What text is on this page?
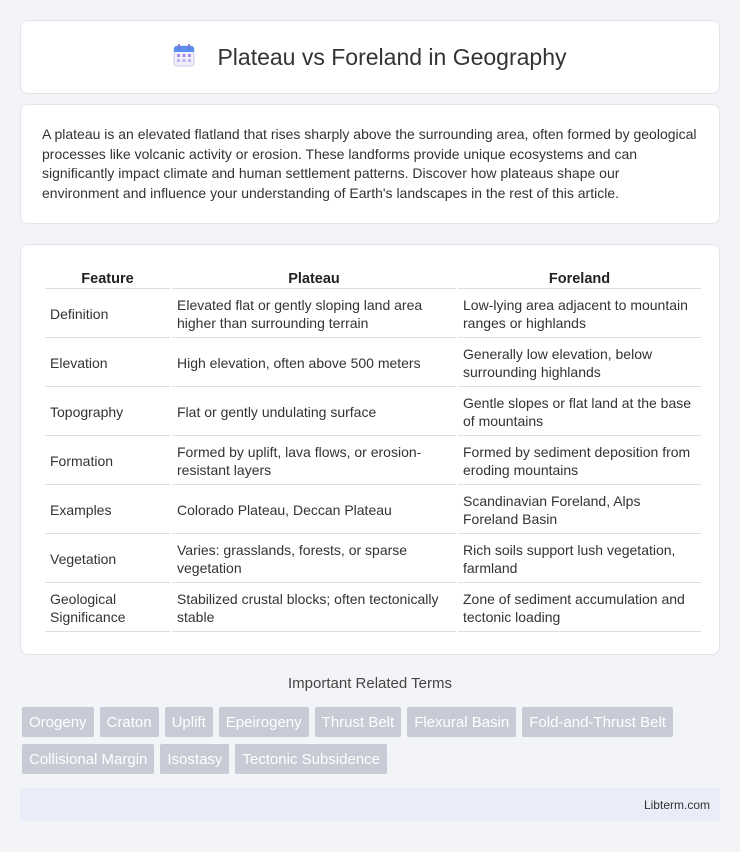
Plateau vs Foreland in Geography

A plateau is an elevated flatland that rises sharply above the surrounding area, often formed by geological processes like volcanic activity or erosion. These landforms provide unique ecosystems and can significantly impact climate and human settlement patterns. Discover how plateaus shape our environment and influence your understanding of Earth's landscapes in the rest of this article.

Feature	Plateau	Foreland
Definition	Elevated flat or gently sloping land area higher than surrounding terrain	Low-lying area adjacent to mountain ranges or highlands
Elevation	High elevation, often above 500 meters	Generally low elevation, below surrounding highlands
Topography	Flat or gently undulating surface	Gentle slopes or flat land at the base of mountains
Formation	Formed by uplift, lava flows, or erosion-resistant layers	Formed by sediment deposition from eroding mountains
Examples	Colorado Plateau, Deccan Plateau	Scandinavian Foreland, Alps Foreland Basin
Vegetation	Varies: grasslands, forests, or sparse vegetation	Rich soils support lush vegetation, farmland
Geological Significance	Stabilized crustal blocks; often tectonically stable	Zone of sediment accumulation and tectonic loading
Important Related Terms
Orogeny	Craton	Uplift	Epeirogeny	Thrust Belt	Flexural Basin	Fold-and-Thrust Belt
Collisional Margin	Isostasy	Tectonic Subsidence
Libterm.com
